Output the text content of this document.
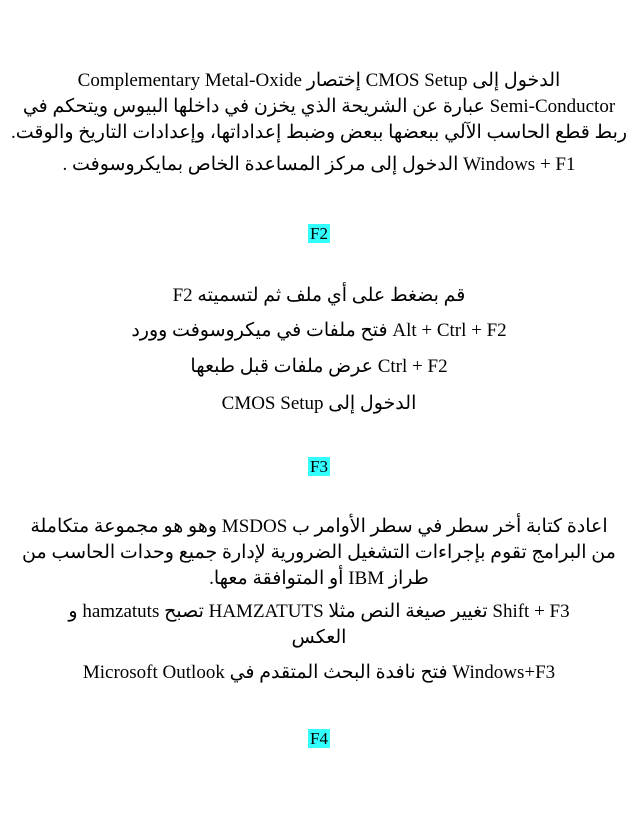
الدخول إلى CMOS Setup إختصار Complementary Metal-Oxide
Semi-Conductor عبارة عن الشريحة الذي يخزن في داخلها البيوس ويتحكم في
ربط قطع الحاسب الآلي ببعضها ببعض وضبط إعداداتها، وإعدادات التاريخ والوقت.
Windows + F1 الدخول إلى مركز المساعدة الخاص بمايكروسوفت .
F2
قم بضغط على أي ملف ثم لتسميته F2
Alt + Ctrl + F2 فتح ملفات في ميكروسوفت وورد
Ctrl + F2 عرض ملفات قبل طبعها
الدخول إلى CMOS Setup
F3
اعادة كتابة أخر سطر في سطر الأوامر ب MSDOS وهو هو مجموعة متكاملة
من البرامج تقوم بإجراءات التشغيل الضرورية لإدارة جميع وحدات الحاسب من
طراز IBM أو المتوافقة معها.
Shift + F3 تغيير صيغة النص مثلا HAMZATUTS تصبح hamzatuts و
العكس
Windows+F3 فتح نافدة البحث المتقدم في Microsoft Outlook
F4
